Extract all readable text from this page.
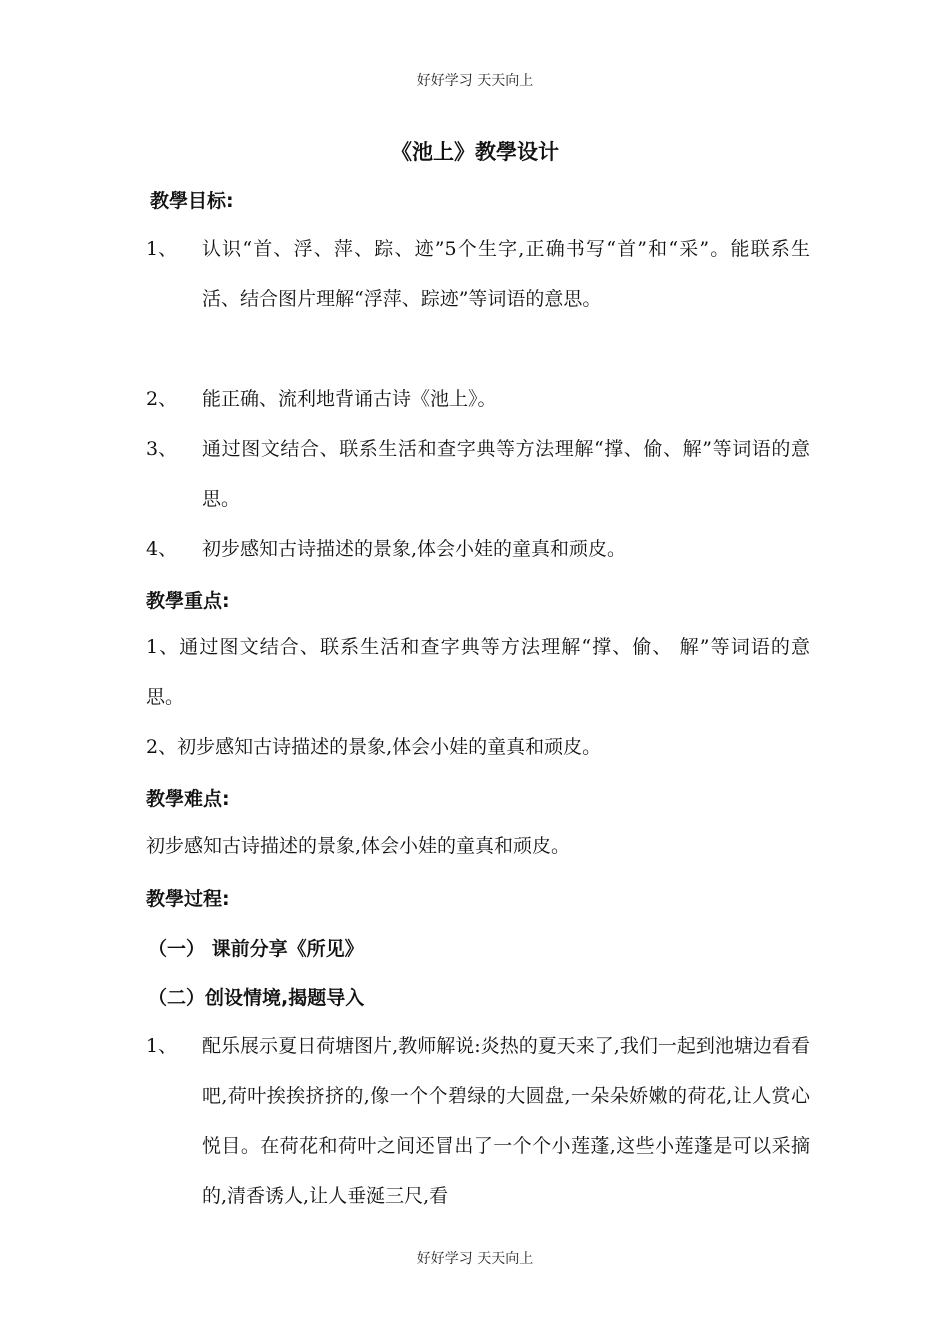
好好学习 天天向上
《池上》教學设计
教學目标:
1、 认识“首、浮、萍、踪、迹”5个生字,正确书写“首”和“采”。能联系生活、结合图片理解“浮萍、踪迹”等词语的意思。
2、 能正确、流利地背诵古诗《池上》。
3、 通过图文结合、联系生活和查字典等方法理解“撑、偷、解”等词语的意思。
4、 初步感知古诗描述的景象,体会小娃的童真和顽皮。
教學重点:
1、通过图文结合、联系生活和查字典等方法理解“撑、偷、 解”等词语的意思。
2、初步感知古诗描述的景象,体会小娃的童真和顽皮。
教學难点:
初步感知古诗描述的景象,体会小娃的童真和顽皮。
教學过程:
（一） 课前分享《所见》
（二）创设情境,揭题导入
1、 配乐展示夏日荷塘图片,教师解说:炎热的夏天来了,我们一起到池塘边看看吧,荷叶挨挨挤挤的,像一个个碧绿的大圆盘,一朵朵娇嫩的荷花,让人赏心悦目。在荷花和荷叶之间还冒出了一个个小莲蓬,这些小莲蓬是可以采摘的,清香诱人,让人垂涎三尺,看
好好学习 天天向上
